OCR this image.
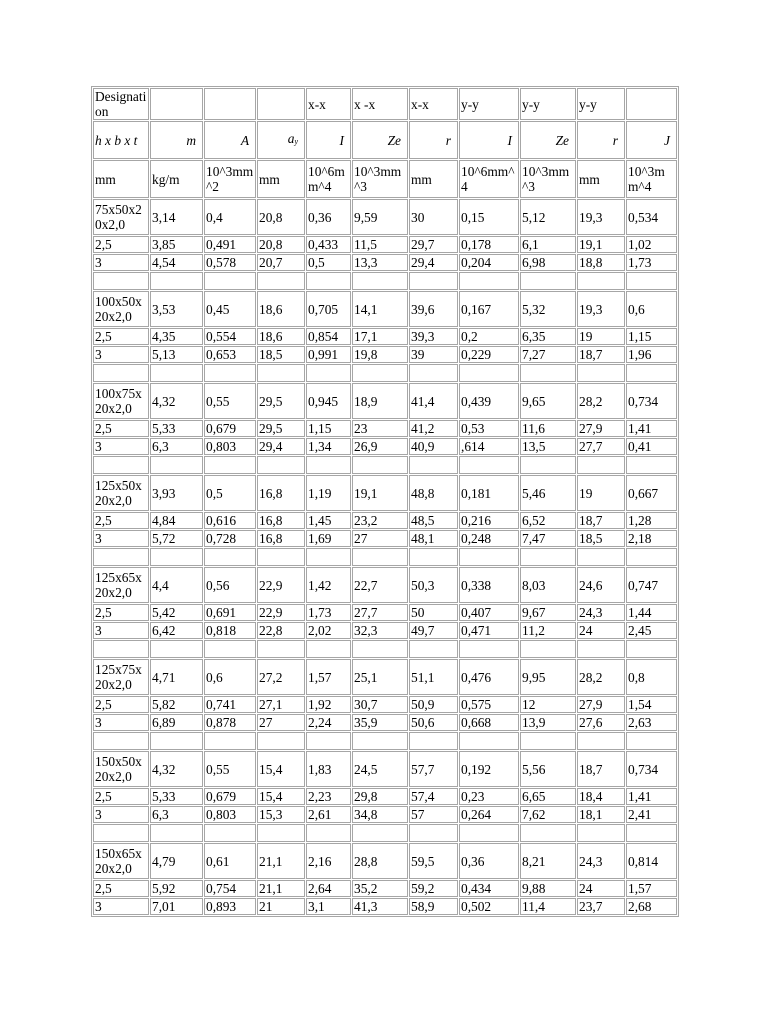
Designation				x-x	x -x	x-x	y-y	y-y	y-y	
h x b x t	m	A	$a_y$	I	Ze	r	I	Ze	r	J
mm	kg/m	10^3mm^2	mm	10^6mm^4	10^3mm^3	mm	10^6mm^4	10^3mm^3	mm	10^3mm^4
75x50x20x2,0	3,14	0,4	20,8	0,36	9,59	30	0,15	5,12	19,3	0,534
2,5	3,85	0,491	20,8	0,433	11,5	29,7	0,178	6,1	19,1	1,02
3	4,54	0,578	20,7	0,5	13,3	29,4	0,204	6,98	18,8	1,73

100x50x20x2,0	3,53	0,45	18,6	0,705	14,1	39,6	0,167	5,32	19,3	0,6
2,5	4,35	0,554	18,6	0,854	17,1	39,3	0,2	6,35	19	1,15
3	5,13	0,653	18,5	0,991	19,8	39	0,229	7,27	18,7	1,96

100x75x20x2,0	4,32	0,55	29,5	0,945	18,9	41,4	0,439	9,65	28,2	0,734
2,5	5,33	0,679	29,5	1,15	23	41,2	0,53	11,6	27,9	1,41
3	6,3	0,803	29,4	1,34	26,9	40,9	,614	13,5	27,7	0,41

125x50x20x2,0	3,93	0,5	16,8	1,19	19,1	48,8	0,181	5,46	19	0,667
2,5	4,84	0,616	16,8	1,45	23,2	48,5	0,216	6,52	18,7	1,28
3	5,72	0,728	16,8	1,69	27	48,1	0,248	7,47	18,5	2,18

125x65x20x2,0	4,4	0,56	22,9	1,42	22,7	50,3	0,338	8,03	24,6	0,747
2,5	5,42	0,691	22,9	1,73	27,7	50	0,407	9,67	24,3	1,44
3	6,42	0,818	22,8	2,02	32,3	49,7	0,471	11,2	24	2,45

125x75x20x2,0	4,71	0,6	27,2	1,57	25,1	51,1	0,476	9,95	28,2	0,8
2,5	5,82	0,741	27,1	1,92	30,7	50,9	0,575	12	27,9	1,54
3	6,89	0,878	27	2,24	35,9	50,6	0,668	13,9	27,6	2,63

150x50x20x2,0	4,32	0,55	15,4	1,83	24,5	57,7	0,192	5,56	18,7	0,734
2,5	5,33	0,679	15,4	2,23	29,8	57,4	0,23	6,65	18,4	1,41
3	6,3	0,803	15,3	2,61	34,8	57	0,264	7,62	18,1	2,41

150x65x20x2,0	4,79	0,61	21,1	2,16	28,8	59,5	0,36	8,21	24,3	0,814
2,5	5,92	0,754	21,1	2,64	35,2	59,2	0,434	9,88	24	1,57
3	7,01	0,893	21	3,1	41,3	58,9	0,502	11,4	23,7	2,68
